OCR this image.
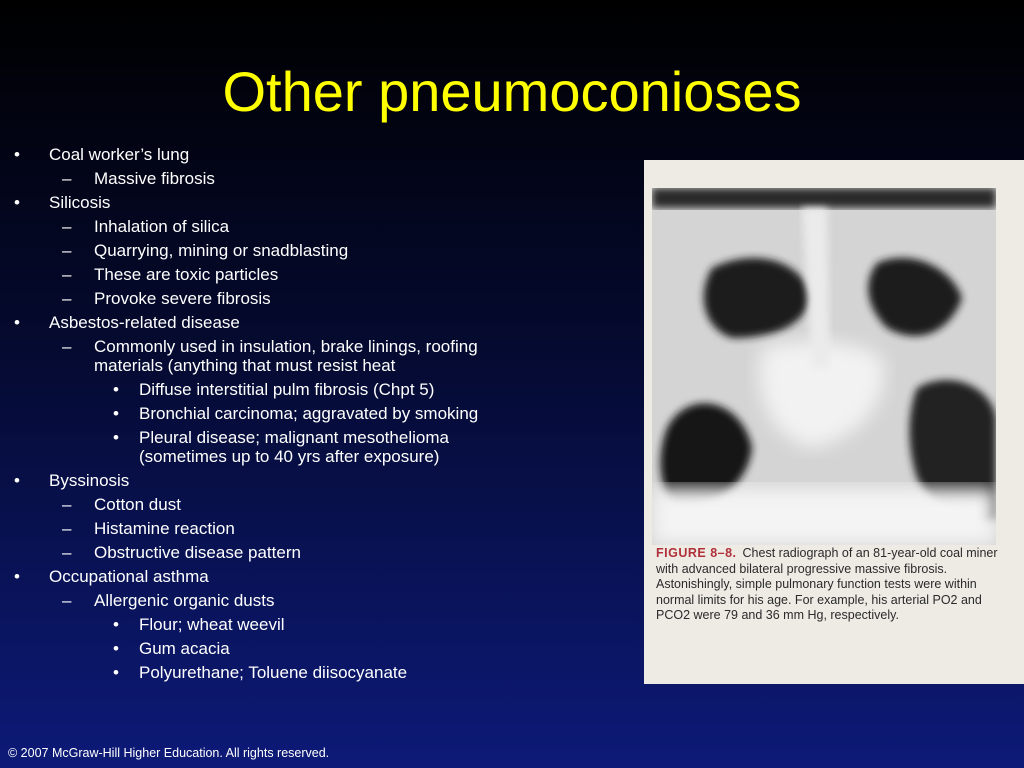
Other pneumoconioses
• Coal worker’s lung
– Massive fibrosis
• Silicosis
– Inhalation of silica
– Quarrying, mining or snadblasting
– These are toxic particles
– Provoke severe fibrosis
• Asbestos-related disease
– Commonly used in insulation, brake linings, roofing materials (anything that must resist heat
• Diffuse interstitial pulm fibrosis (Chpt 5)
• Bronchial carcinoma; aggravated by smoking
• Pleural disease; malignant mesothelioma (sometimes up to 40 yrs after exposure)
• Byssinosis
– Cotton dust
– Histamine reaction
– Obstructive disease pattern
• Occupational asthma
– Allergenic organic dusts
• Flour; wheat weevil
• Gum acacia
• Polyurethane; Toluene diisocyanate
FIGURE 8–8. Chest radiograph of an 81-year-old coal miner with advanced bilateral progressive massive fibrosis. Astonishingly, simple pulmonary function tests were within normal limits for his age. For example, his arterial PO2 and PCO2 were 79 and 36 mm Hg, respectively.
© 2007 McGraw-Hill Higher Education. All rights reserved.
